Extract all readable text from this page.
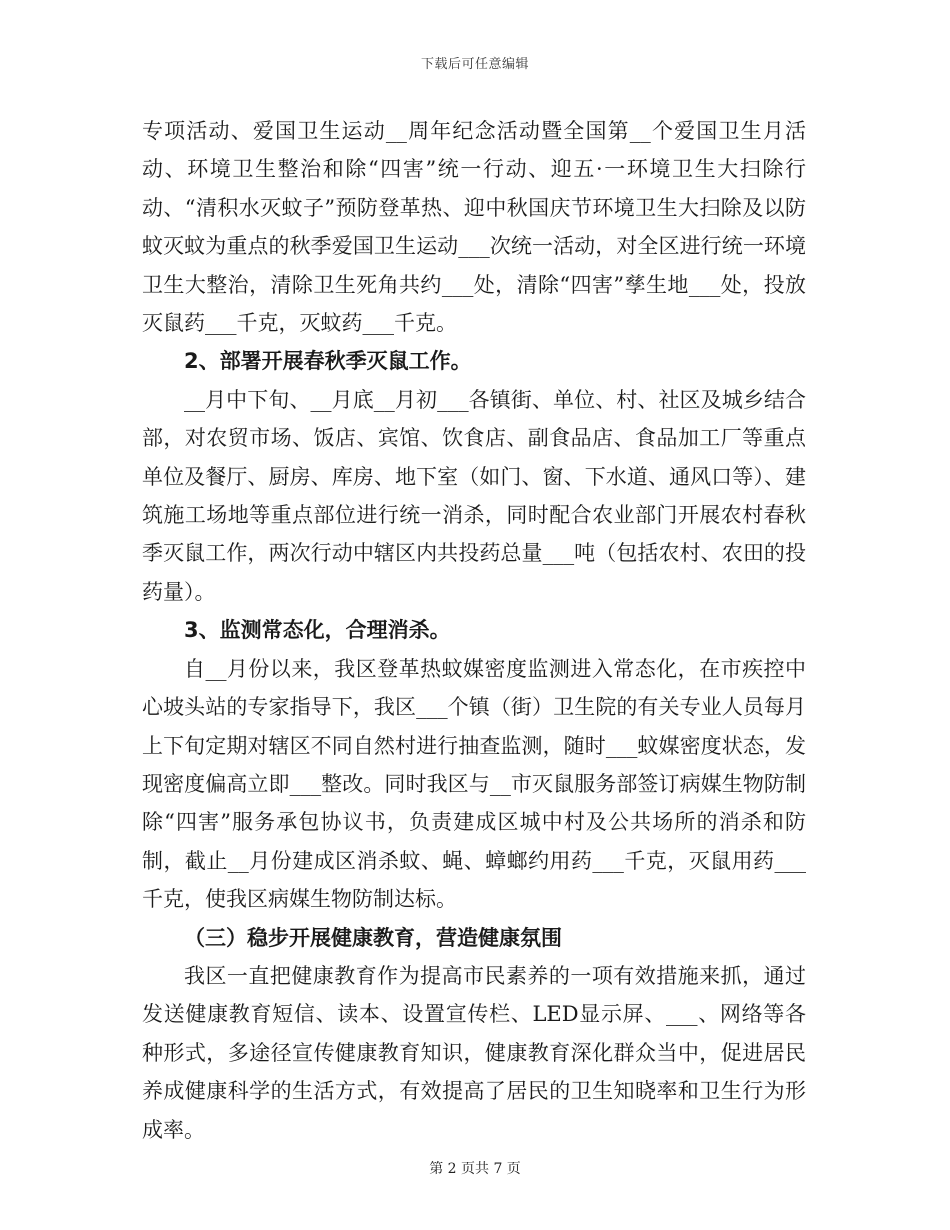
下载后可任意编辑

专项活动、爱国卫生运动__周年纪念活动暨全国第__个爱国卫生月活动、环境卫生整治和除“四害”统一行动、迎五·一环境卫生大扫除行动、“清积水灭蚊子”预防登革热、迎中秋国庆节环境卫生大扫除及以防蚊灭蚊为重点的秋季爱国卫生运动___次统一活动，对全区进行统一环境卫生大整治，清除卫生死角共约___处，清除“四害”孳生地___处，投放灭鼠药___千克，灭蚊药___千克。

2、部署开展春秋季灭鼠工作。

__月中下旬、__月底__月初___各镇街、单位、村、社区及城乡结合部，对农贸市场、饭店、宾馆、饮食店、副食品店、食品加工厂等重点单位及餐厅、厨房、库房、地下室（如门、窗、下水道、通风口等）、建筑施工场地等重点部位进行统一消杀，同时配合农业部门开展农村春秋季灭鼠工作，两次行动中辖区内共投药总量___吨（包括农村、农田的投药量）。

3、监测常态化，合理消杀。

自__月份以来，我区登革热蚊媒密度监测进入常态化，在市疾控中心坡头站的专家指导下，我区___个镇（街）卫生院的有关专业人员每月上下旬定期对辖区不同自然村进行抽查监测，随时___蚊媒密度状态，发现密度偏高立即___整改。同时我区与__市灭鼠服务部签订病媒生物防制除“四害”服务承包协议书，负责建成区城中村及公共场所的消杀和防制，截止__月份建成区消杀蚊、蝇、蟑螂约用药___千克，灭鼠用药___千克，使我区病媒生物防制达标。

（三）稳步开展健康教育，营造健康氛围

我区一直把健康教育作为提高市民素养的一项有效措施来抓，通过发送健康教育短信、读本、设置宣传栏、LED显示屏、___、网络等各种形式，多途径宣传健康教育知识，健康教育深化群众当中，促进居民养成健康科学的生活方式，有效提高了居民的卫生知晓率和卫生行为形成率。

第 2 页共 7 页
